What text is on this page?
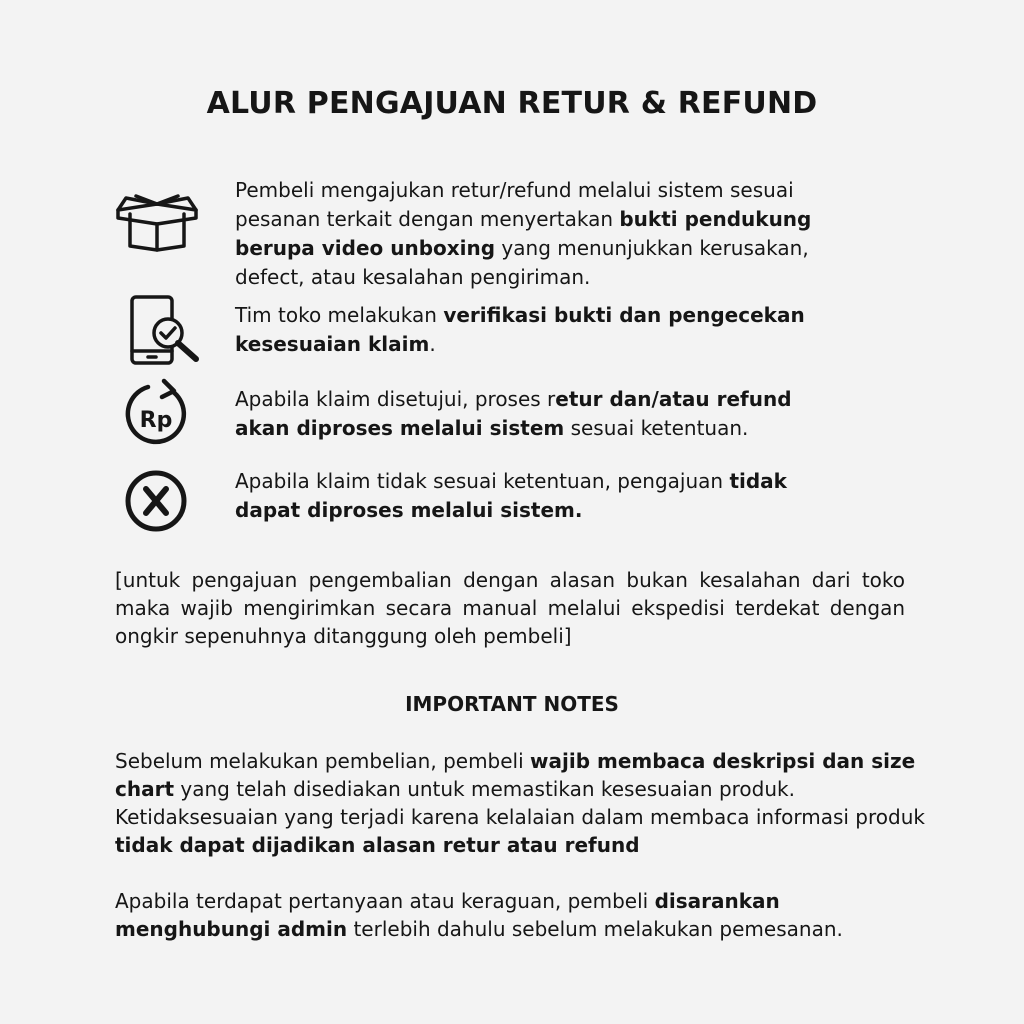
ALUR PENGAJUAN RETUR & REFUND

Pembeli mengajukan retur/refund melalui sistem sesuai pesanan terkait dengan menyertakan bukti pendukung berupa video unboxing yang menunjukkan kerusakan, defect, atau kesalahan pengiriman.

Tim toko melakukan verifikasi bukti dan pengecekan kesesuaian klaim.

Rp

Apabila klaim disetujui, proses retur dan/atau refund akan diproses melalui sistem sesuai ketentuan.

Apabila klaim tidak sesuai ketentuan, pengajuan tidak dapat diproses melalui sistem.

[untuk pengajuan pengembalian dengan alasan bukan kesalahan dari toko maka wajib mengirimkan secara manual melalui ekspedisi terdekat dengan ongkir sepenuhnya ditanggung oleh pembeli]

IMPORTANT NOTES

Sebelum melakukan pembelian, pembeli wajib membaca deskripsi dan size chart yang telah disediakan untuk memastikan kesesuaian produk. Ketidaksesuaian yang terjadi karena kelalaian dalam membaca informasi produk tidak dapat dijadikan alasan retur atau refund

Apabila terdapat pertanyaan atau keraguan, pembeli disarankan menghubungi admin terlebih dahulu sebelum melakukan pemesanan.
